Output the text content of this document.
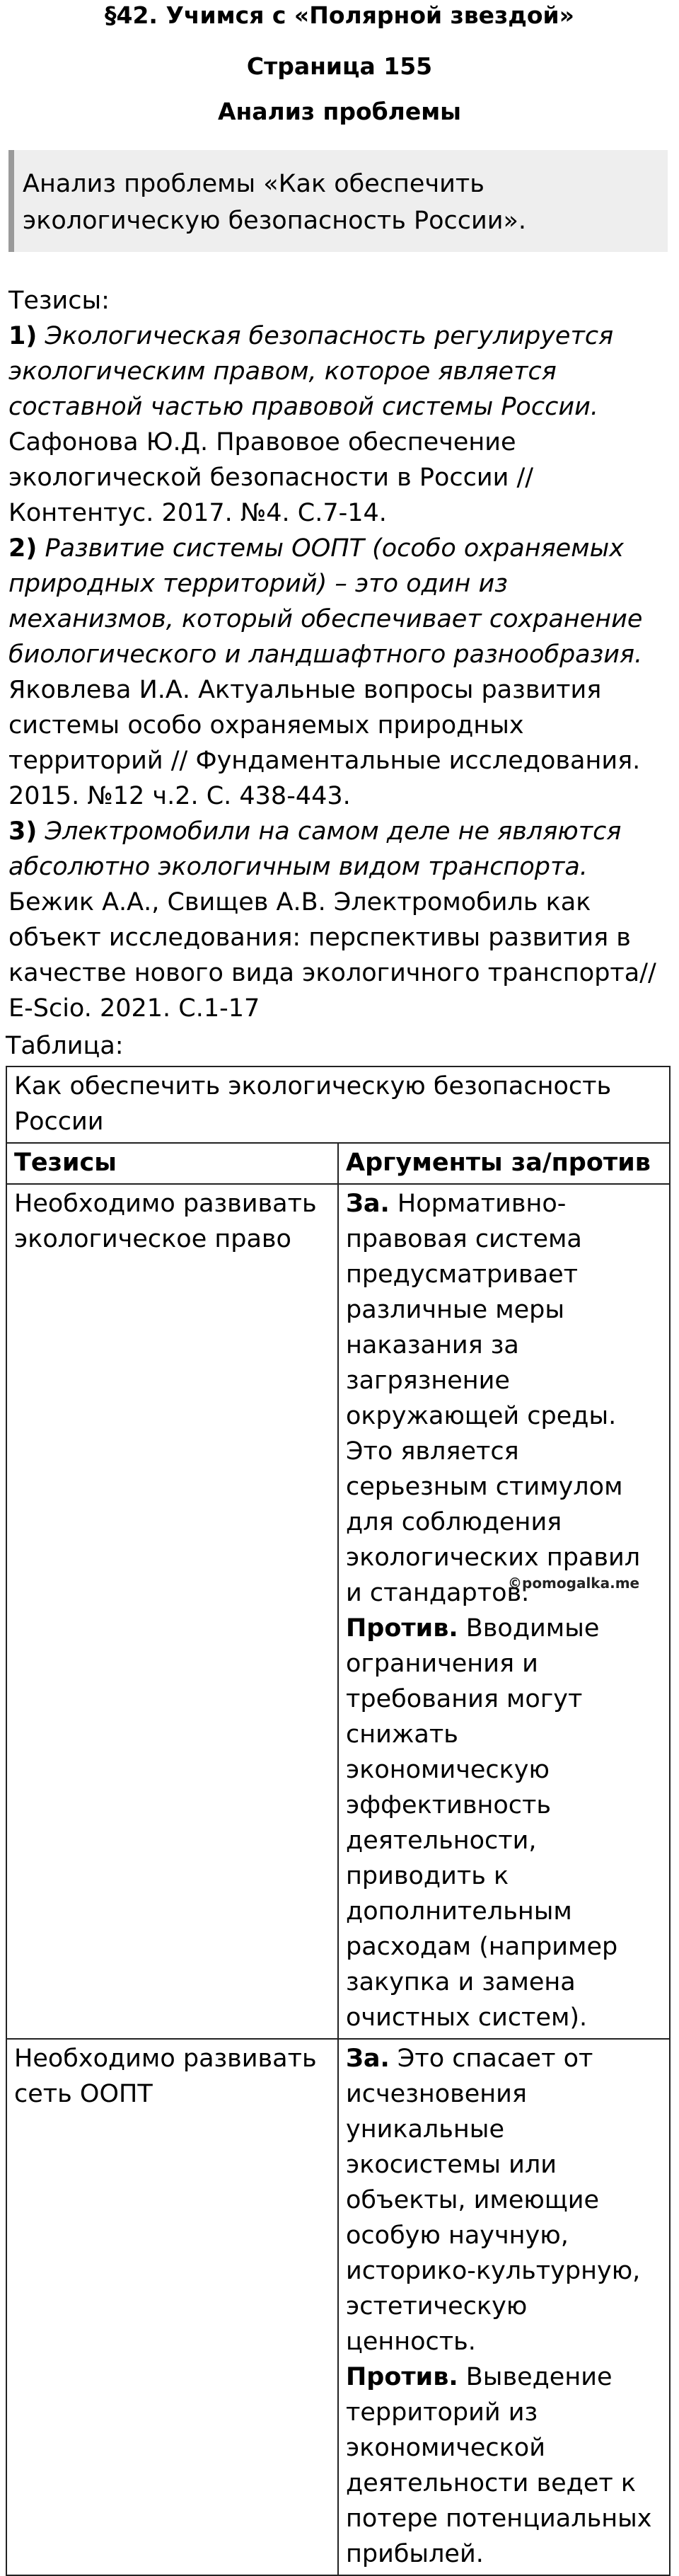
§42. Учимся с «Полярной звездой»
Страница 155
Анализ проблемы
Анализ проблемы «Как обеспечить экологическую безопасность России».

Тезисы:

1) Экологическая безопасность регулируется экологическим правом, которое является составной частью правовой системы России.

Сафонова Ю.Д. Правовое обеспечение экологической безопасности в России // Контентус. 2017. №4. С.7-14.

2) Развитие системы ООПТ (особо охраняемых природных территорий) – это один из механизмов, который обеспечивает сохранение биологического и ландшафтного разнообразия.

Яковлева И.А. Актуальные вопросы развития системы особо охраняемых природных территорий // Фундаментальные исследования. 2015. №12 ч.2. С. 438-443.

3) Электромобили на самом деле не являются абсолютно экологичным видом транспорта.

Бежик А.А., Свищев А.В. Электромобиль как объект исследования: перспективы развития в качестве нового вида экологичного транспорта// E-Scio. 2021. С.1-17

Таблица:

Как обеспечить экологическую безопасность России	
Тезисы	Аргументы за/против
Необходимо развивать экологическое право	За. Нормативно-правовая система предусматривает различные меры наказания за загрязнение окружающей среды. Это является серьезным стимулом для соблюдения экологических правил и стандартов.
Против. Вводимые ограничения и требования могут снижать экономическую эффективность деятельности, приводить к дополнительным расходам (например закупка и замена очистных систем).
Необходимо развивать сеть ООПТ	За. Это спасает от исчезновения уникальные экосистемы или объекты, имеющие особую научную, историко-культурную, эстетическую ценность.
Против. Выведение территорий из экономической деятельности ведет к потере потенциальных прибылей.
©pomogalka.me
